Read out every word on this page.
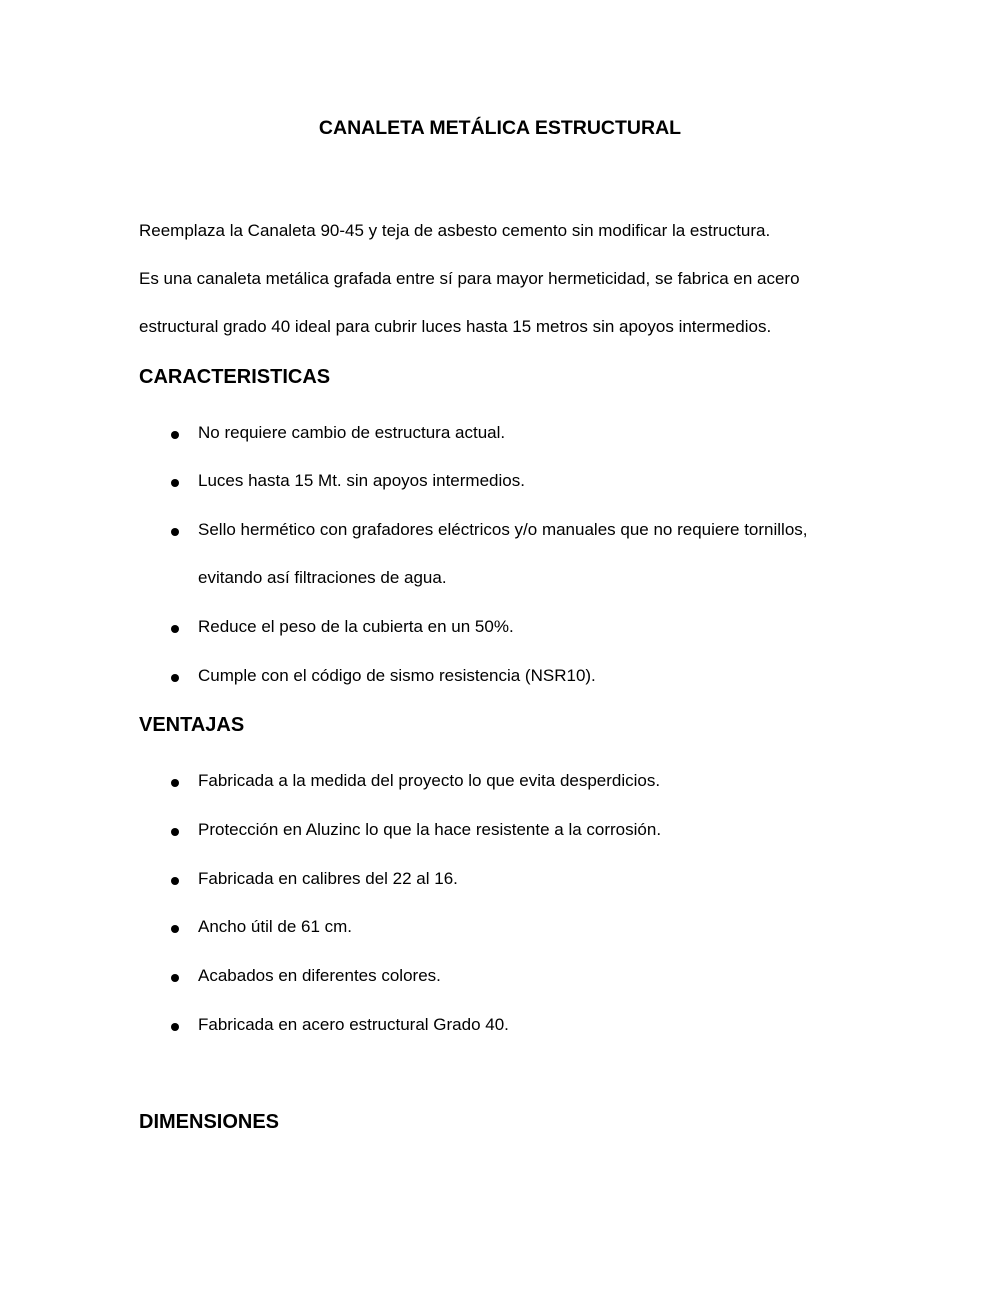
CANALETA METÁLICA ESTRUCTURAL

Reemplaza la Canaleta 90-45 y teja de asbesto cemento sin modificar la estructura.

Es una canaleta metálica grafada entre sí para mayor hermeticidad, se fabrica en acero

estructural grado 40 ideal para cubrir luces hasta 15 metros sin apoyos intermedios.

CARACTERISTICAS
No requiere cambio de estructura actual.
Luces hasta 15 Mt. sin apoyos intermedios.
Sello hermético con grafadores eléctricos y/o manuales que no requiere tornillos,

evitando así filtraciones de agua.

Reduce el peso de la cubierta en un 50%.
Cumple con el código de sismo resistencia (NSR10).
VENTAJAS
Fabricada a la medida del proyecto lo que evita desperdicios.
Protección en Aluzinc lo que la hace resistente a la corrosión.
Fabricada en calibres del 22 al 16.
Ancho útil de 61 cm.
Acabados en diferentes colores.
Fabricada en acero estructural Grado 40.
DIMENSIONES
